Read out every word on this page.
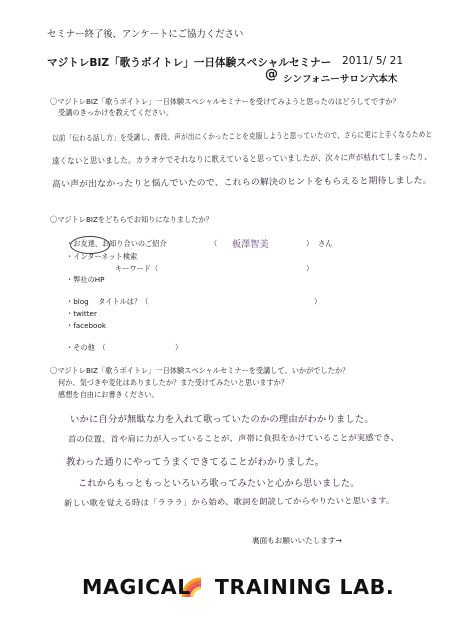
セミナー終了後、アンケートにご協力ください
マジトレBIZ「歌うボイトレ」一日体験スペシャルセミナー 2011/ 5/ 21
@ シンフォニーサロン六本木
〇マジトレBIZ「歌うボイトレ」一日体験スペシャルセミナーを受けてみようと思ったのはどうしてですか？
受講のきっかけを教えてください。
以前「伝わる話し方」を受講し、普段、声が出にくかったことを克服しようと思っていたので、さらに更に上手くなるためと
遠くないと思いました。カラオケでそれなりに歌えていると思っていましたが、次々に声が枯れてしまったり、
高い声が出なかったりと悩んでいたので、これらの解決のヒントをもらえると期待しました。
〇マジトレBIZをどちらでお知りになりましたか？
・お友達、お知り合いのご紹介	（ 板澤智美	） さん
・インターネット検索
キーワード（	）
・弊社のHP
・blog　 タイトルは？（	）
・twitter
・facebook
・その他　（	）
〇マジトレBIZ「歌うボイトレ」一日体験スペシャルセミナーを受講して、いかがでしたか？
何か、気づきや変化はありましたか？また受けてみたいと思いますか？
感想を自由にお書きください。
いかに自分が無駄な力を入れて歌っていたのかの理由がわかりました。
首の位置、首や肩に力が入っていることが、声帯に負担をかけていることが実感でき、
教わった通りにやってうまくできてることがわかりました。
これからもっともっといろいろ歌ってみたいと心から思いました。
新しい歌を覚える時は「ラララ」から始め、歌詞を朗読してからやりたいと思います。
裏面もお願いいたします→
MAGICAL TRAINING LAB.
